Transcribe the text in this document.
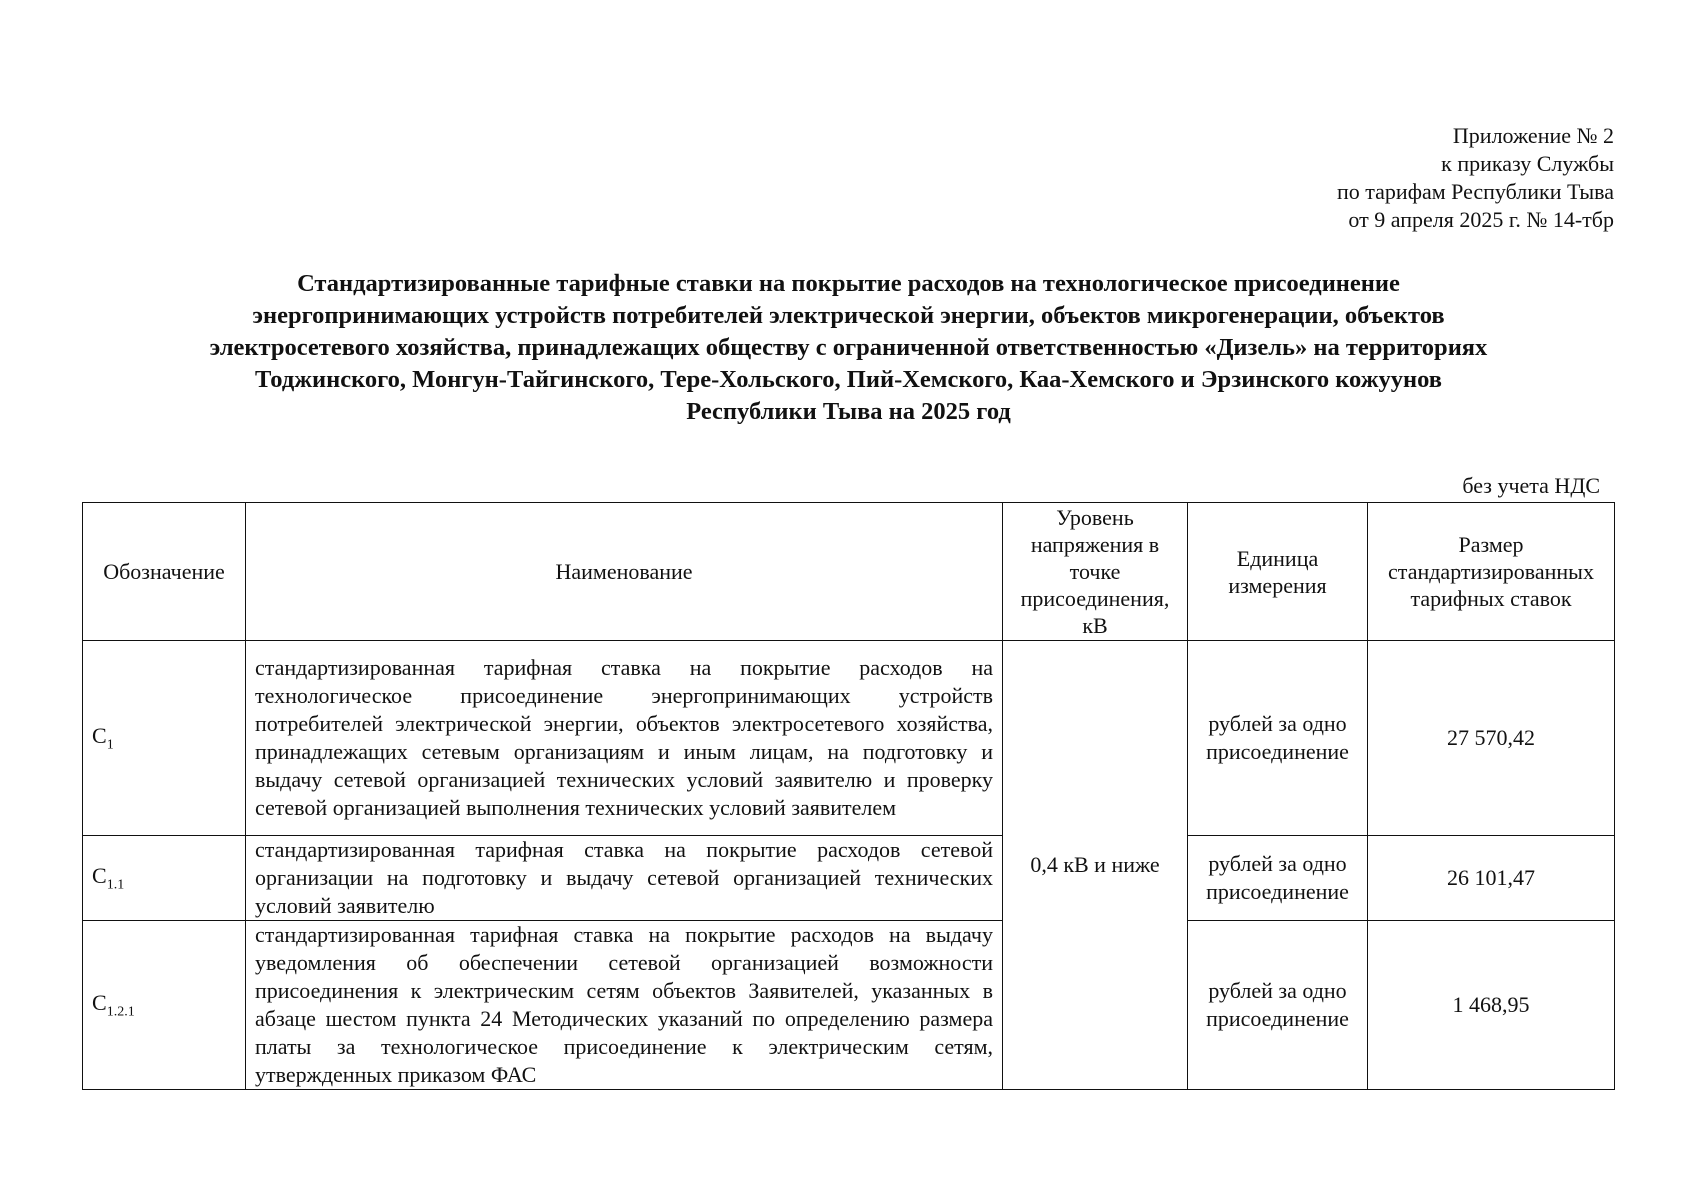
Приложение № 2
к приказу Службы
по тарифам Республики Тыва
от 9 апреля 2025 г. № 14-тбр
Стандартизированные тарифные ставки на покрытие расходов на технологическое присоединение
энергопринимающих устройств потребителей электрической энергии, объектов микрогенерации, объектов
электросетевого хозяйства, принадлежащих обществу с ограниченной ответственностью «Дизель» на территориях
Тоджинского, Монгун-Тайгинского, Тере-Хольского, Пий-Хемского, Каа-Хемского и Эрзинского кожуунов
Республики Тыва на 2025 год
без учета НДС
Обозначение	Наименование	Уровень напряжения в точке присоединения, кВ	Единица измерения	Размер стандартизированных тарифных ставок
$C_1$	стандартизированная тарифная ставка на покрытие расходов на технологическое присоединение энергопринимающих устройств потребителей электрической энергии, объектов электросетевого хозяйства, принадлежащих сетевым организациям и иным лицам, на подготовку и выдачу сетевой организацией технических условий заявителю и проверку сетевой организацией выполнения технических условий заявителем	0,4 кВ и ниже	рублей за одно присоединение	27 570,42
$C_{1.1}$	стандартизированная тарифная ставка на покрытие расходов сетевой организации на подготовку и выдачу сетевой организацией технических условий заявителю		рублей за одно присоединение	26 101,47
$C_{1.2.1}$	стандартизированная тарифная ставка на покрытие расходов на выдачу уведомления об обеспечении сетевой организацией возможности присоединения к электрическим сетям объектов Заявителей, указанных в абзаце шестом пункта 24 Методических указаний по определению размера платы за технологическое присоединение к электрическим сетям, утвержденных приказом ФАС		рублей за одно присоединение	1 468,95
